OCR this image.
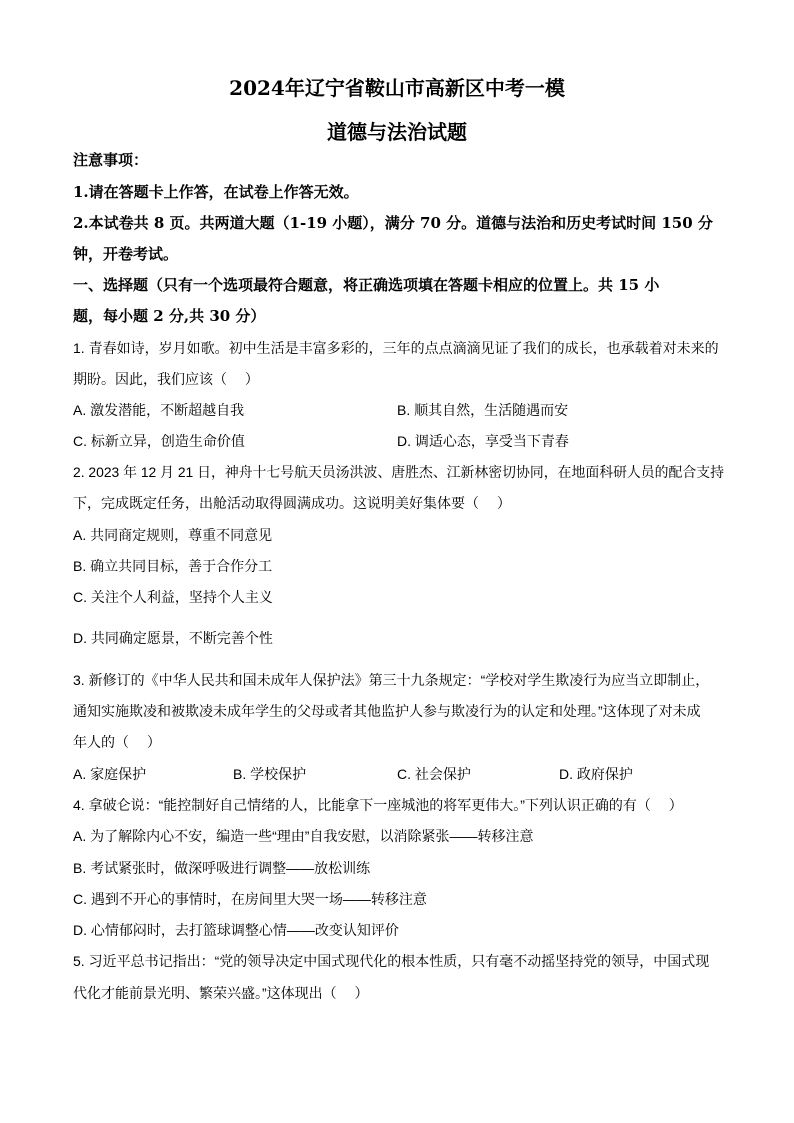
2024年辽宁省鞍山市高新区中考一模
道德与法治试题
注意事项：
1.请在答题卡上作答，在试卷上作答无效。
2.本试卷共 8 页。共两道大题（1-19 小题），满分 70 分。道德与法治和历史考试时间 150 分
钟，开卷考试。
一、选择题（只有一个选项最符合题意，将正确选项填在答题卡相应的位置上。共 15 小
题，每小题 2 分,共 30 分）
1. 青春如诗，岁月如歌。初中生活是丰富多彩的，三年的点点滴滴见证了我们的成长，也承载着对未来的
期盼。因此，我们应该（　 ）
A. 激发潜能，不断超越自我	B. 顺其自然，生活随遇而安
C. 标新立异，创造生命价值	D. 调适心态，享受当下青春
2. 2023 年 12 月 21 日，神舟十七号航天员汤洪波、唐胜杰、江新林密切协同，在地面科研人员的配合支持
下，完成既定任务，出舱活动取得圆满成功。这说明美好集体要（　 ）
A. 共同商定规则，尊重不同意见
B. 确立共同目标，善于合作分工
C. 关注个人利益，坚持个人主义
D. 共同确定愿景，不断完善个性
3. 新修订的《中华人民共和国未成年人保护法》第三十九条规定：“学校对学生欺凌行为应当立即制止，
通知实施欺凌和被欺凌未成年学生的父母或者其他监护人参与欺凌行为的认定和处理。”这体现了对未成
年人的（　 ）
A. 家庭保护	B. 学校保护	C. 社会保护	D. 政府保护
4. 拿破仑说：“能控制好自己情绪的人，比能拿下一座城池的将军更伟大。”下列认识正确的有（　 ）
A. 为了解除内心不安，编造一些“理由”自我安慰，以消除紧张——转移注意
B. 考试紧张时，做深呼吸进行调整——放松训练
C. 遇到不开心的事情时，在房间里大哭一场——转移注意
D. 心情郁闷时，去打篮球调整心情——改变认知评价
5. 习近平总书记指出：“党的领导决定中国式现代化的根本性质，只有毫不动摇坚持党的领导，中国式现
代化才能前景光明、繁荣兴盛。”这体现出（　 ）
